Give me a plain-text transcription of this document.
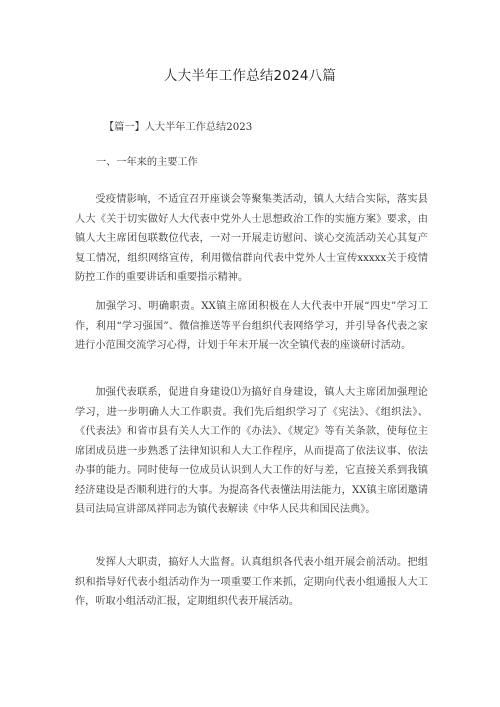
人大半年工作总结2024八篇
【篇一】人大半年工作总结2023
一、一年来的主要工作

受疫情影响，不适宜召开座谈会等聚集类活动，镇人大结合实际，落实县人大《关于切实做好人大代表中党外人士思想政治工作的实施方案》要求，由镇人大主席团包联数位代表，一对一开展走访慰问、谈心交流活动关心其复产复工情况，组织网络宣传，利用微信群向代表中党外人士宣传xxxxx关于疫情防控工作的重要讲话和重要指示精神。

加强学习、明确职责。XX镇主席团积极在人大代表中开展“四史”学习工作，利用“学习强国”、微信推送等平台组织代表网络学习，并引导各代表之家进行小范围交流学习心得，计划于年末开展一次全镇代表的座谈研讨活动。

加强代表联系，促进自身建设⑴为搞好自身建设，镇人大主席团加强理论学习，进一步明确人大工作职责。我们先后组织学习了《宪法》、《组织法》、《代表法》和省市县有关人大工作的《办法》、《规定》等有关条款，使每位主席团成员进一步熟悉了法律知识和人大工作程序，从而提高了依法议事、依法办事的能力。同时使每一位成员认识到人大工作的好与差，它直接关系到我镇经济建设是否顺利进行的大事。为提高各代表懂法用法能力，XX镇主席团邀请县司法局宣讲部凤祥同志为镇代表解读《中华人民共和国民法典》。

发挥人大职责，搞好人大监督。认真组织各代表小组开展会前活动。把组织和指导好代表小组活动作为一项重要工作来抓，定期向代表小组通报人大工作，听取小组活动汇报，定期组织代表开展活动。
